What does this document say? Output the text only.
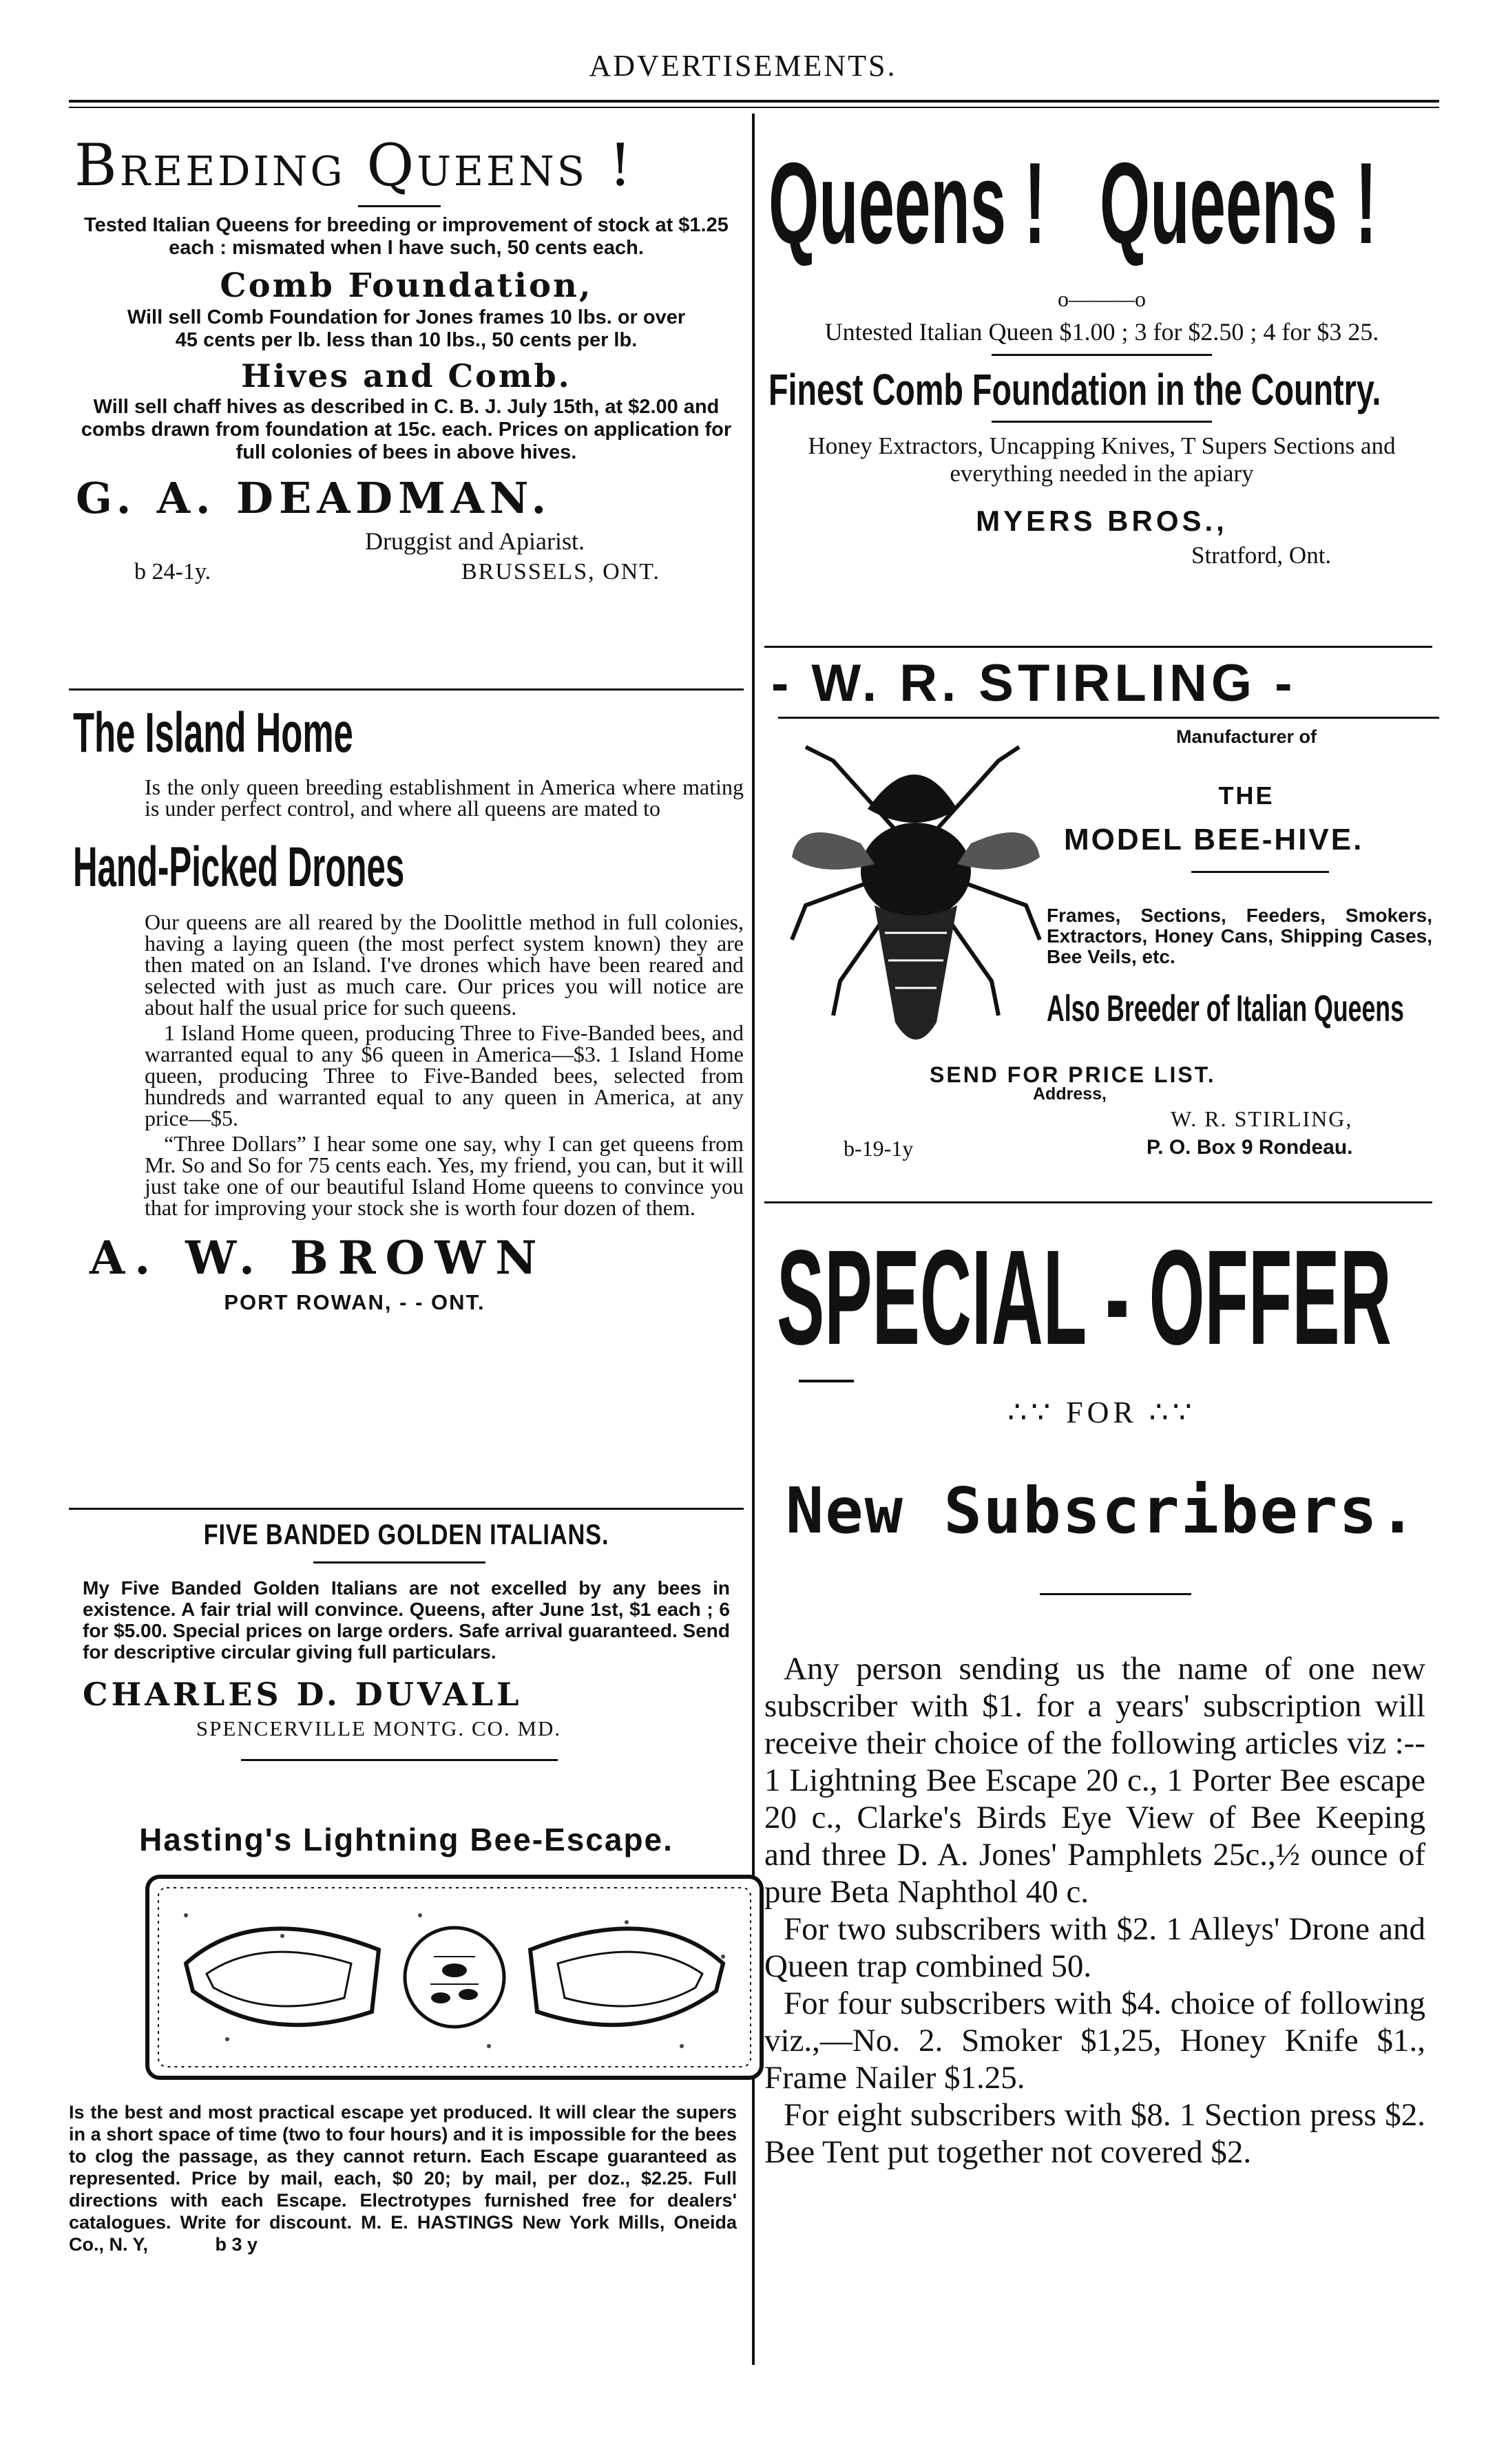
ADVERTISEMENTS.
Breeding Queens !
Tested Italian Queens for breeding or improvement of stock at $1.25 each : mismated when I have such, 50 cents each.
Comb Foundation,
Will sell Comb Foundation for Jones frames 10 lbs. or over 45 cents per lb. less than 10 lbs., 50 cents per lb.
Hives and Comb.
Will sell chaff hives as described in C. B. J. July 15th, at $2.00 and combs drawn from foundation at 15c. each. Prices on application for full colonies of bees in above hives.
G. A. DEADMAN.
Druggist and Apiarist.
b 24-1y.	BRUSSELS, ONT.
The Island Home
Is the only queen breeding establishment in America where mating is under perfect control, and where all queens are mated to
Hand-Picked Drones
Our queens are all reared by the Doolittle method in full colonies, having a laying queen (the most perfect system known) they are then mated on an Island. I've drones which have been reared and selected with just as much care. Our prices you will notice are about half the usual price for such queens.
1 Island Home queen, producing Three to Five-Banded bees, and warranted equal to any $6 queen in America—$3. 1 Island Home queen, producing Three to Five-Banded bees, selected from hundreds and warranted equal to any queen in America, at any price—$5.
“Three Dollars” I hear some one say, why I can get queens from Mr. So and So for 75 cents each. Yes, my friend, you can, but it will just take one of our beautiful Island Home queens to convince you that for improving your stock she is worth four dozen of them.
A. W. BROWN
PORT ROWAN, - - ONT.
FIVE BANDED GOLDEN ITALIANS.
My Five Banded Golden Italians are not excelled by any bees in existence. A fair trial will convince. Queens, after June 1st, $1 each ; 6 for $5.00. Special prices on large orders. Safe arrival guaranteed. Send for descriptive circular giving full particulars.
CHARLES D. DUVALL
SPENCERVILLE MONTG. CO. MD.
Hasting's Lightning Bee-Escape.
Is the best and most practical escape yet produced. It will clear the supers in a short space of time (two to four hours) and it is impossible for the bees to clog the passage, as they cannot return. Each Escape guaranteed as represented. Price by mail, each, $0 20; by mail, per doz., $2.25. Full directions with each Escape. Electrotypes furnished free for dealers' catalogues. Write for discount. M. E. HASTINGS New York Mills, Oneida Co., N. Y,	b 3 y
Queens !   Queens !
o———o
Untested Italian Queen $1.00 ; 3 for $2.50 ; 4 for $3 25.
Finest Comb Foundation in the Country.
Honey Extractors, Uncapping Knives, T Supers Sections and everything needed in the apiary
MYERS BROS.,
Stratford, Ont.
- W. R. STIRLING -
Manufacturer of
THE
MODEL BEE-HIVE.
Frames, Sections, Feeders, Smokers, Extractors, Honey Cans, Shipping Cases, Bee Veils, etc.
Also Breeder of Italian Queens
SEND FOR PRICE LIST.
Address,
W. R. STIRLING,
b-19-1y	P. O. Box 9 Rondeau.
SPECIAL - OFFER
∴∵ FOR ∴∵
New Subscribers.
Any person sending us the name of one new subscriber with $1. for a years' subscription will receive their choice of the following articles viz :-- 1 Lightning Bee Escape 20 c., 1 Porter Bee escape 20 c., Clarke's Birds Eye View of Bee Keeping and three D. A. Jones' Pamphlets 25c.,½ ounce of pure Beta Naphthol 40 c.
For two subscribers with $2. 1 Alleys' Drone and Queen trap combined 50.
For four subscribers with $4. choice of following viz.,—No. 2. Smoker $1,25, Honey Knife $1., Frame Nailer $1.25.
For eight subscribers with $8. 1 Section press $2. Bee Tent put together not covered $2.
